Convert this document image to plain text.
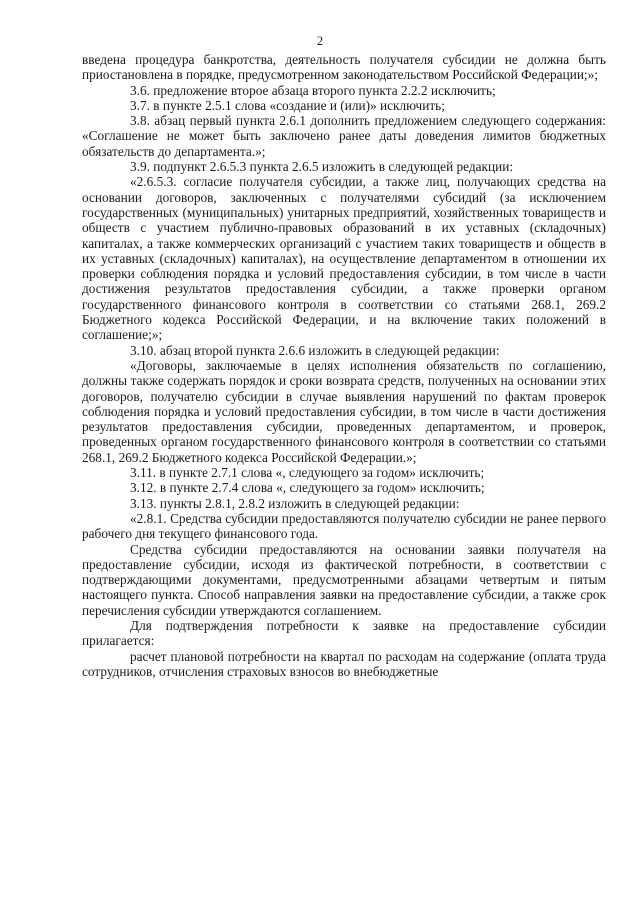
2

введена процедура банкротства, деятельность получателя субсидии не должна быть приостановлена в порядке, предусмотренном законодательством Российской Федерации;»;

3.6. предложение второе абзаца второго пункта 2.2.2 исключить;

3.7. в пункте 2.5.1 слова «создание и (или)» исключить;

3.8. абзац первый пункта 2.6.1 дополнить предложением следующего содержания: «Соглашение не может быть заключено ранее даты доведения лимитов бюджетных обязательств до департамента.»;

3.9. подпункт 2.6.5.3 пункта 2.6.5 изложить в следующей редакции:

«2.6.5.3. согласие получателя субсидии, а также лиц, получающих средства на основании договоров, заключенных с получателями субсидий (за исключением государственных (муниципальных) унитарных предприятий, хозяйственных товариществ и обществ с участием публично-правовых образований в их уставных (складочных) капиталах, а также коммерческих организаций с участием таких товариществ и обществ в их уставных (складочных) капиталах), на осуществление департаментом в отношении их проверки соблюдения порядка и условий предоставления субсидии, в том числе в части достижения результатов предоставления субсидии, а также проверки органом государственного финансового контроля в соответствии со статьями 268.1, 269.2 Бюджетного кодекса Российской Федерации, и на включение таких положений в соглашение;»;

3.10. абзац второй пункта 2.6.6 изложить в следующей редакции:

«Договоры, заключаемые в целях исполнения обязательств по соглашению, должны также содержать порядок и сроки возврата средств, полученных на основании этих договоров, получателю субсидии в случае выявления нарушений по фактам проверок соблюдения порядка и условий предоставления субсидии, в том числе в части достижения результатов предоставления субсидии, проведенных департаментом, и проверок, проведенных органом государственного финансового контроля в соответствии со статьями 268.1, 269.2 Бюджетного кодекса Российской Федерации.»;

3.11. в пункте 2.7.1 слова «, следующего за годом» исключить;

3.12. в пункте 2.7.4 слова «, следующего за годом» исключить;

3.13. пункты 2.8.1, 2.8.2 изложить в следующей редакции:

«2.8.1. Средства субсидии предоставляются получателю субсидии не ранее первого рабочего дня текущего финансового года.

Средства субсидии предоставляются на основании заявки получателя на предоставление субсидии, исходя из фактической потребности, в соответствии с подтверждающими документами, предусмотренными абзацами четвертым и пятым настоящего пункта. Способ направления заявки на предоставление субсидии, а также срок перечисления субсидии утверждаются соглашением.

Для подтверждения потребности к заявке на предоставление субсидии прилагается:

расчет плановой потребности на квартал по расходам на содержание (оплата труда сотрудников, отчисления страховых взносов во внебюджетные
